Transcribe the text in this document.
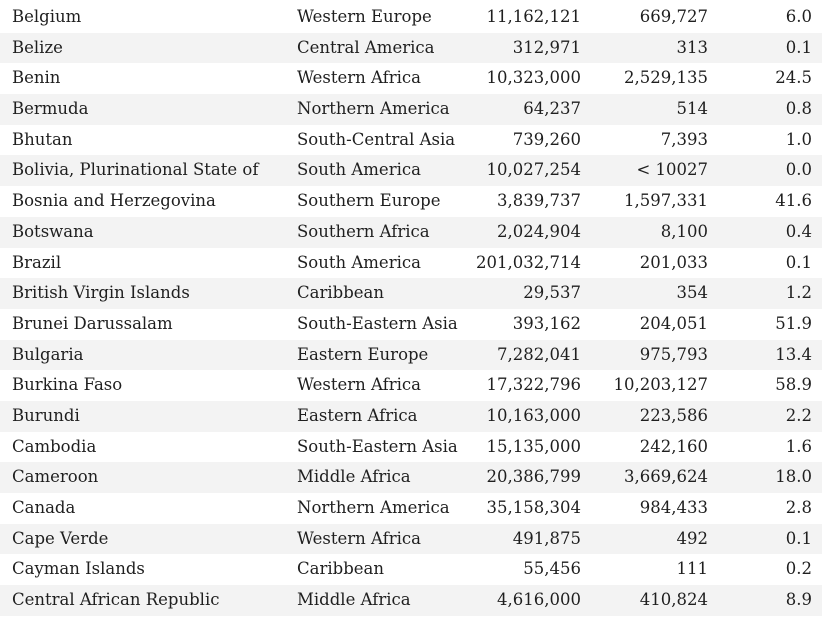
Belgium	Western Europe	11,162,121	669,727	6.0
Belize	Central America	312,971	313	0.1
Benin	Western Africa	10,323,000	2,529,135	24.5
Bermuda	Northern America	64,237	514	0.8
Bhutan	South-Central Asia	739,260	7,393	1.0
Bolivia, Plurinational State of	South America	10,027,254	< 10027	0.0
Bosnia and Herzegovina	Southern Europe	3,839,737	1,597,331	41.6
Botswana	Southern Africa	2,024,904	8,100	0.4
Brazil	South America	201,032,714	201,033	0.1
British Virgin Islands	Caribbean	29,537	354	1.2
Brunei Darussalam	South-Eastern Asia	393,162	204,051	51.9
Bulgaria	Eastern Europe	7,282,041	975,793	13.4
Burkina Faso	Western Africa	17,322,796	10,203,127	58.9
Burundi	Eastern Africa	10,163,000	223,586	2.2
Cambodia	South-Eastern Asia	15,135,000	242,160	1.6
Cameroon	Middle Africa	20,386,799	3,669,624	18.0
Canada	Northern America	35,158,304	984,433	2.8
Cape Verde	Western Africa	491,875	492	0.1
Cayman Islands	Caribbean	55,456	111	0.2
Central African Republic	Middle Africa	4,616,000	410,824	8.9
